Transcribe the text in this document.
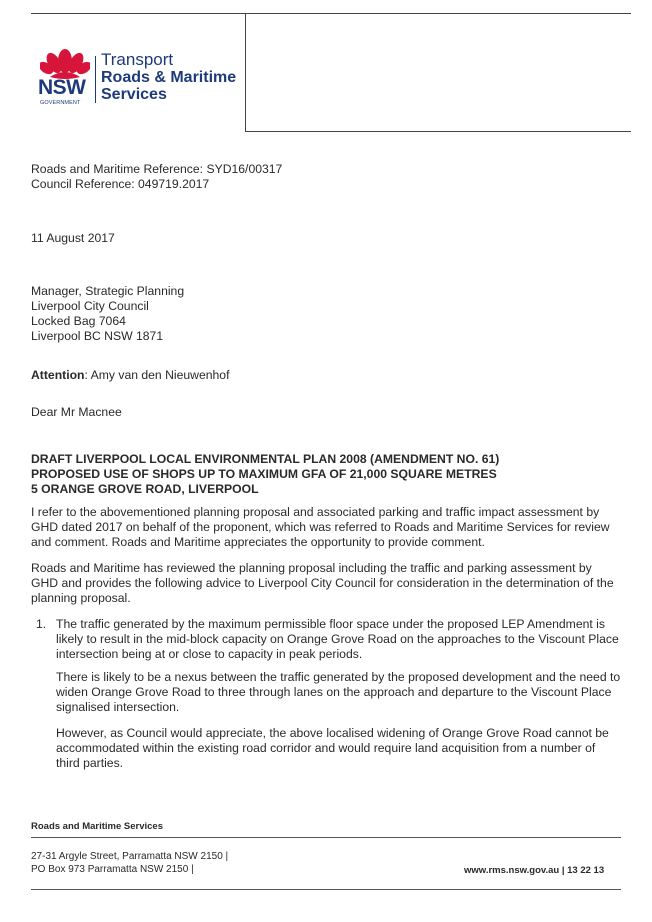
NSW
GOVERNMENT
Transport
Roads & Maritime
Services
Roads and Maritime Reference: SYD16/00317
Council Reference: 049719.2017
11 August 2017
Manager, Strategic Planning
Liverpool City Council
Locked Bag 7064
Liverpool BC NSW 1871
Attention: Amy van den Nieuwenhof
Dear Mr Macnee
DRAFT LIVERPOOL LOCAL ENVIRONMENTAL PLAN 2008 (AMENDMENT NO. 61)
PROPOSED USE OF SHOPS UP TO MAXIMUM GFA OF 21,000 SQUARE METRES
5 ORANGE GROVE ROAD, LIVERPOOL
I refer to the abovementioned planning proposal and associated parking and traffic impact assessment by GHD dated 2017 on behalf of the proponent, which was referred to Roads and Maritime Services for review and comment. Roads and Maritime appreciates the opportunity to provide comment.
Roads and Maritime has reviewed the planning proposal including the traffic and parking assessment by GHD and provides the following advice to Liverpool City Council for consideration in the determination of the planning proposal.
1. The traffic generated by the maximum permissible floor space under the proposed LEP Amendment is likely to result in the mid-block capacity on Orange Grove Road on the approaches to the Viscount Place intersection being at or close to capacity in peak periods.
There is likely to be a nexus between the traffic generated by the proposed development and the need to widen Orange Grove Road to three through lanes on the approach and departure to the Viscount Place signalised intersection.
However, as Council would appreciate, the above localised widening of Orange Grove Road cannot be accommodated within the existing road corridor and would require land acquisition from a number of third parties.
Roads and Maritime Services
27-31 Argyle Street, Parramatta NSW 2150 |
PO Box 973 Parramatta NSW 2150 |	www.rms.nsw.gov.au | 13 22 13
